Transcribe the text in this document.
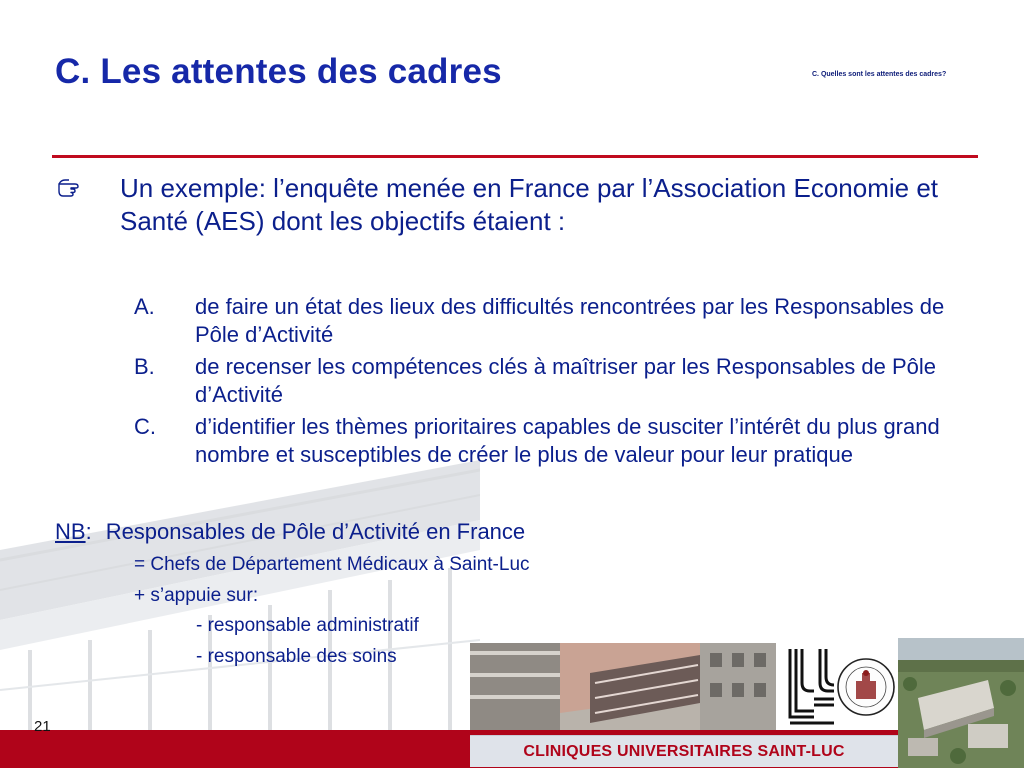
C. Les attentes des cadres

	C. Quelles sont les attentes des cadres?

Un exemple: l’enquête menée en France par l’Association Economie et Santé (AES) dont les objectifs étaient :

A. de faire un état des lieux des difficultés rencontrées par les Responsables de Pôle d’Activité
B. de recenser les compétences clés à maîtriser par les Responsables de Pôle d’Activité
C. d’identifier les thèmes prioritaires capables de susciter l’intérêt du plus grand nombre et susceptibles de créer le plus de valeur pour leur pratique
NB: Responsables de Pôle d’Activité en France
= Chefs de Département Médicaux à Saint-Luc
+ s’appuie sur:
- responsable administratif
- responsable des soins
21
CLINIQUES UNIVERSITAIRES SAINT-LUC
